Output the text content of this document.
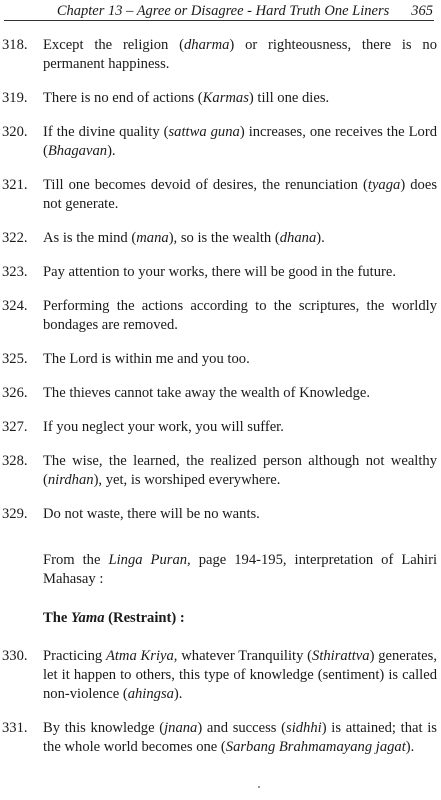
Chapter 13 – Agree or Disagree - Hard Truth One Liners 365
318. Except the religion (dharma) or righteousness, there is no permanent happiness.
319. There is no end of actions (Karmas) till one dies.
320. If the divine quality (sattwa guna) increases, one receives the Lord (Bhagavan).
321. Till one becomes devoid of desires, the renunciation (tyaga) does not generate.
322. As is the mind (mana), so is the wealth (dhana).
323. Pay attention to your works, there will be good in the future.
324. Performing the actions according to the scriptures, the worldly bondages are removed.
325. The Lord is within me and you too.
326. The thieves cannot take away the wealth of Knowledge.
327. If you neglect your work, you will suffer.
328. The wise, the learned, the realized person although not wealthy (nirdhan), yet, is worshiped everywhere.
329. Do not waste, there will be no wants.
From the Linga Puran, page 194-195, interpretation of Lahiri Mahasay :
The Yama (Restraint) :
330. Practicing Atma Kriya, whatever Tranquility (Sthirattva) generates, let it happen to others, this type of knowledge (sentiment) is called non-violence (ahingsa).
331. By this knowledge (jnana) and success (sidhhi) is attained; that is the whole world becomes one (Sarbang Brahmamayang jagat).
